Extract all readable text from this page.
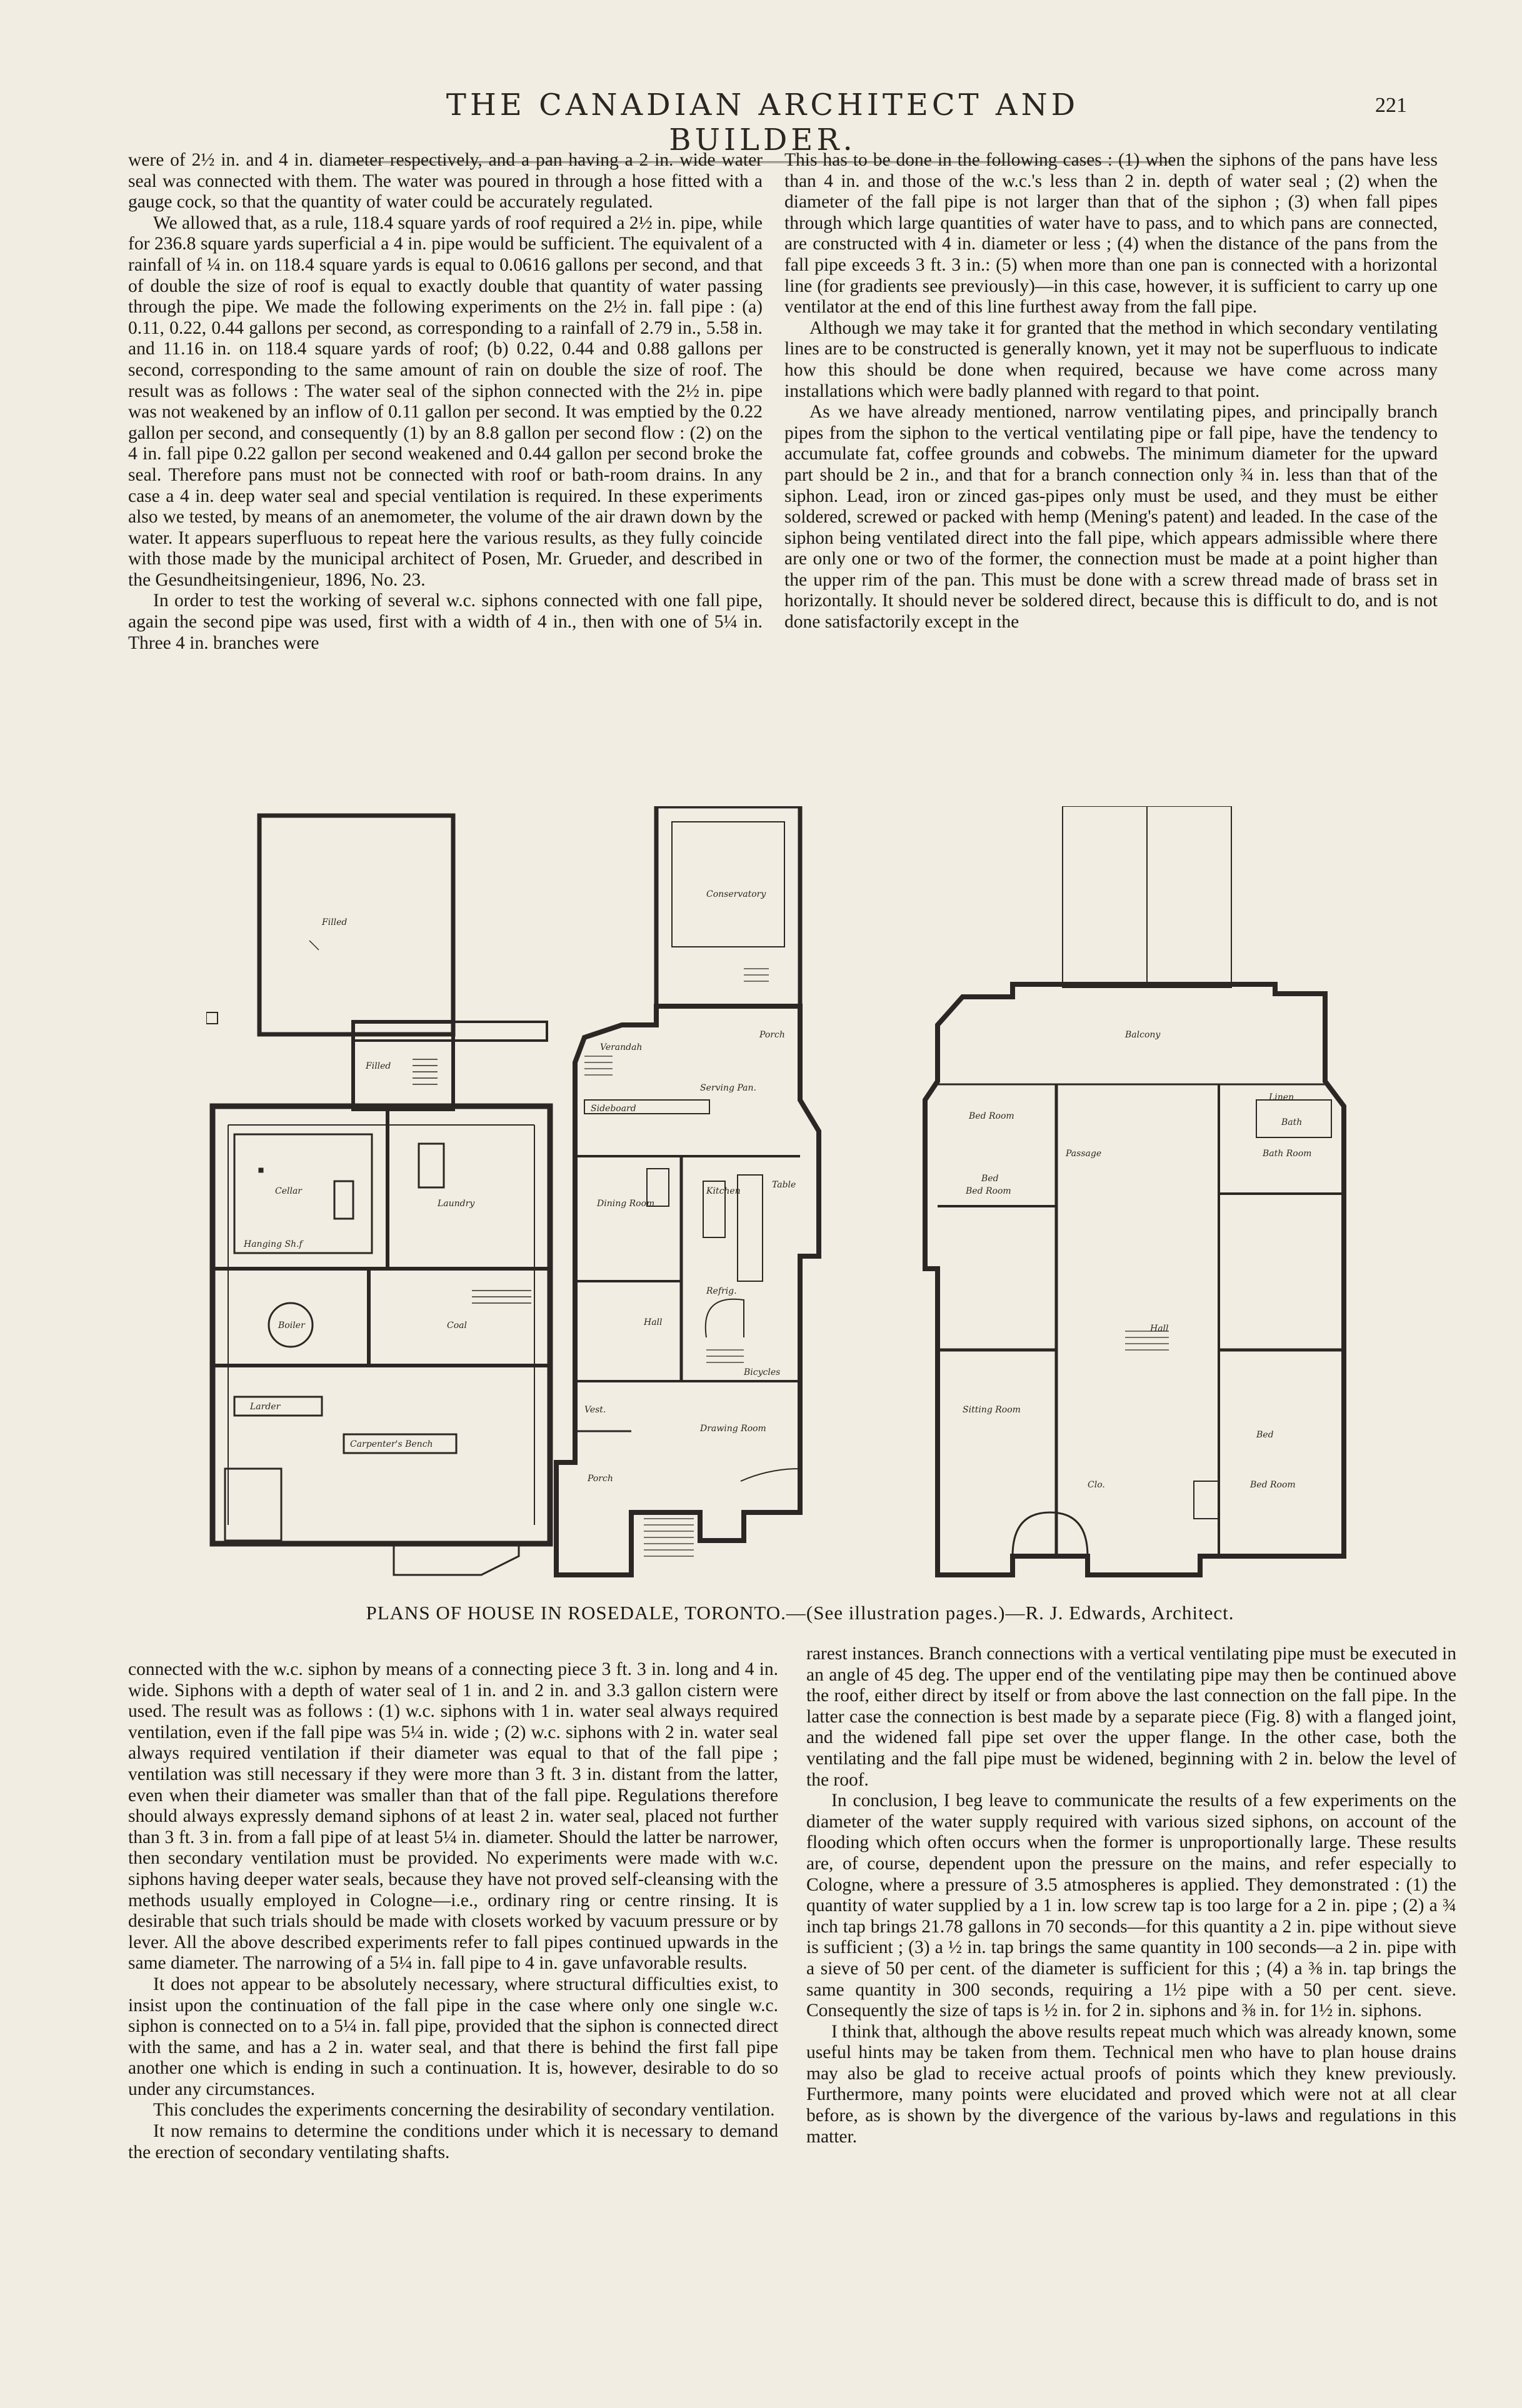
THE CANADIAN ARCHITECT AND BUILDER.
221

were of 2½ in. and 4 in. diameter respectively, and a pan having a 2 in. wide water seal was connected with them. The water was poured in through a hose fitted with a gauge cock, so that the quantity of water could be accurately regulated.

We allowed that, as a rule, 118.4 square yards of roof required a 2½ in. pipe, while for 236.8 square yards superficial a 4 in. pipe would be sufficient. The equivalent of a rainfall of ¼ in. on 118.4 square yards is equal to 0.0616 gallons per second, and that of double the size of roof is equal to exactly double that quantity of water passing through the pipe. We made the following experiments on the 2½ in. fall pipe : (a) 0.11, 0.22, 0.44 gallons per second, as corresponding to a rainfall of 2.79 in., 5.58 in. and 11.16 in. on 118.4 square yards of roof; (b) 0.22, 0.44 and 0.88 gallons per second, corresponding to the same amount of rain on double the size of roof. The result was as follows : The water seal of the siphon connected with the 2½ in. pipe was not weakened by an inflow of 0.11 gallon per second. It was emptied by the 0.22 gallon per second, and consequently (1) by an 8.8 gallon per second flow : (2) on the 4 in. fall pipe 0.22 gallon per second weakened and 0.44 gallon per second broke the seal. Therefore pans must not be connected with roof or bath-room drains. In any case a 4 in. deep water seal and special ventilation is required. In these experiments also we tested, by means of an anemometer, the volume of the air drawn down by the water. It appears superfluous to repeat here the various results, as they fully coincide with those made by the municipal architect of Posen, Mr. Grueder, and described in the Gesundheitsingenieur, 1896, No. 23.

In order to test the working of several w.c. siphons connected with one fall pipe, again the second pipe was used, first with a width of 4 in., then with one of 5¼ in. Three 4 in. branches were

This has to be done in the following cases : (1) when the siphons of the pans have less than 4 in. and those of the w.c.'s less than 2 in. depth of water seal ; (2) when the diameter of the fall pipe is not larger than that of the siphon ; (3) when fall pipes through which large quantities of water have to pass, and to which pans are connected, are constructed with 4 in. diameter or less ; (4) when the distance of the pans from the fall pipe exceeds 3 ft. 3 in.: (5) when more than one pan is connected with a horizontal line (for gradients see previously)—in this case, however, it is sufficient to carry up one ventilator at the end of this line furthest away from the fall pipe.

Although we may take it for granted that the method in which secondary ventilating lines are to be constructed is generally known, yet it may not be superfluous to indicate how this should be done when required, because we have come across many installations which were badly planned with regard to that point.

As we have already mentioned, narrow ventilating pipes, and principally branch pipes from the siphon to the vertical ventilating pipe or fall pipe, have the tendency to accumulate fat, coffee grounds and cobwebs. The minimum diameter for the upward part should be 2 in., and that for a branch connection only ¾ in. less than that of the siphon. Lead, iron or zinced gas-pipes only must be used, and they must be either soldered, screwed or packed with hemp (Mening's patent) and leaded. In the case of the siphon being ventilated direct into the fall pipe, which appears admissible where there are only one or two of the former, the connection must be made at a point higher than the upper rim of the pan. This must be done with a screw thread made of brass set in horizontally. It should never be soldered direct, because this is difficult to do, and is not done satisfactorily except in the

Filled
Filled
Cellar
Laundry
Hanging Sh.f
Boiler	Coal
Larder
Carpenter's Bench
Conservatory
Porch
Verandah
Sideboard
Dining Room
Kitchen
Serving Pan.
Table
Hall
Vest.
Porch
Drawing Room
Bicycles
Refrig.
Balcony
Linen
Bed Room
Bath
Bath Room
Bed
Bed Room
Passage
Hall
Sitting Room
Bed
Bed Room
Clo.
PLANS OF HOUSE IN ROSEDALE, TORONTO.—(See illustration pages.)—R. J. Edwards, Architect.

connected with the w.c. siphon by means of a connecting piece 3 ft. 3 in. long and 4 in. wide. Siphons with a depth of water seal of 1 in. and 2 in. and 3.3 gallon cistern were used. The result was as follows : (1) w.c. siphons with 1 in. water seal always required ventilation, even if the fall pipe was 5¼ in. wide ; (2) w.c. siphons with 2 in. water seal always required ventilation if their diameter was equal to that of the fall pipe ; ventilation was still necessary if they were more than 3 ft. 3 in. distant from the latter, even when their diameter was smaller than that of the fall pipe. Regulations therefore should always expressly demand siphons of at least 2 in. water seal, placed not further than 3 ft. 3 in. from a fall pipe of at least 5¼ in. diameter. Should the latter be narrower, then secondary ventilation must be provided. No experiments were made with w.c. siphons having deeper water seals, because they have not proved self-cleansing with the methods usually employed in Cologne—i.e., ordinary ring or centre rinsing. It is desirable that such trials should be made with closets worked by vacuum pressure or by lever. All the above described experiments refer to fall pipes continued upwards in the same diameter. The narrowing of a 5¼ in. fall pipe to 4 in. gave unfavorable results.

It does not appear to be absolutely necessary, where structural difficulties exist, to insist upon the continuation of the fall pipe in the case where only one single w.c. siphon is connected on to a 5¼ in. fall pipe, provided that the siphon is connected direct with the same, and has a 2 in. water seal, and that there is behind the first fall pipe another one which is ending in such a continuation. It is, however, desirable to do so under any circumstances.

This concludes the experiments concerning the desirability of secondary ventilation.

It now remains to determine the conditions under which it is necessary to demand the erection of secondary ventilating shafts.

rarest instances. Branch connections with a vertical ventilating pipe must be executed in an angle of 45 deg. The upper end of the ventilating pipe may then be continued above the roof, either direct by itself or from above the last connection on the fall pipe. In the latter case the connection is best made by a separate piece (Fig. 8) with a flanged joint, and the widened fall pipe set over the upper flange. In the other case, both the ventilating and the fall pipe must be widened, beginning with 2 in. below the level of the roof.

In conclusion, I beg leave to communicate the results of a few experiments on the diameter of the water supply required with various sized siphons, on account of the flooding which often occurs when the former is unproportionally large. These results are, of course, dependent upon the pressure on the mains, and refer especially to Cologne, where a pressure of 3.5 atmospheres is applied. They demonstrated : (1) the quantity of water supplied by a 1 in. low screw tap is too large for a 2 in. pipe ; (2) a ¾ inch tap brings 21.78 gallons in 70 seconds—for this quantity a 2 in. pipe without sieve is sufficient ; (3) a ½ in. tap brings the same quantity in 100 seconds—a 2 in. pipe with a sieve of 50 per cent. of the diameter is sufficient for this ; (4) a ⅜ in. tap brings the same quantity in 300 seconds, requiring a 1½ pipe with a 50 per cent. sieve. Consequently the size of taps is ½ in. for 2 in. siphons and ⅜ in. for 1½ in. siphons.

I think that, although the above results repeat much which was already known, some useful hints may be taken from them. Technical men who have to plan house drains may also be glad to receive actual proofs of points which they knew previously. Furthermore, many points were elucidated and proved which were not at all clear before, as is shown by the divergence of the various by-laws and regulations in this matter.
